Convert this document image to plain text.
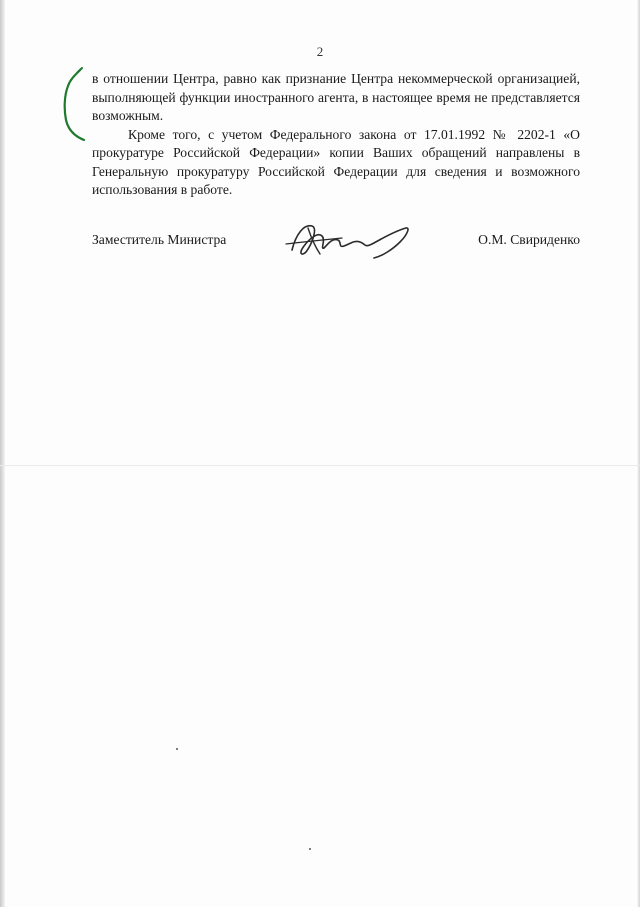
2

в отношении Центра, равно как признание Центра некоммерческой организацией, выполняющей функции иностранного агента, в настоящее время не представляется возможным.

Кроме того, с учетом Федерального закона от 17.01.1992 № 2202-1 «О прокуратуре Российской Федерации» копии Ваших обращений направлены в Генеральную прокуратуру Российской Федерации для сведения и возможного использования в работе.

Заместитель Министра	О.М. Свириденко
